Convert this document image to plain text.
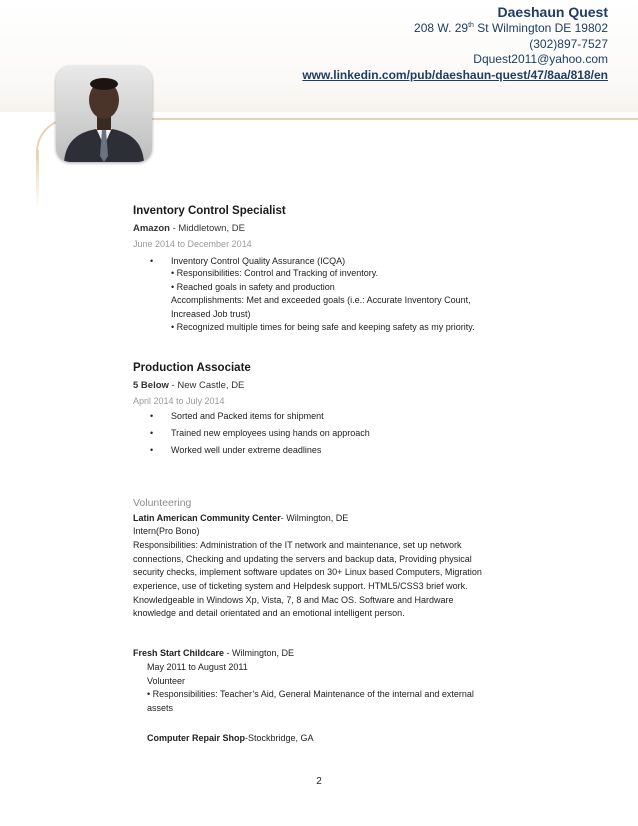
Daeshaun Quest
208 W. 29th St Wilmington DE 19802
(302)897-7527
Dquest2011@yahoo.com
www.linkedin.com/pub/daeshaun-quest/47/8aa/818/en
Inventory Control Specialist
Amazon - Middletown, DE
June 2014 to December 2014
• Inventory Control Quality Assurance (ICQA)
• Responsibilities: Control and Tracking of inventory.
• Reached goals in safety and production
Accomplishments: Met and exceeded goals (i.e.: Accurate Inventory Count,
Increased Job trust)
• Recognized multiple times for being safe and keeping safety as my priority.
Production Associate
5 Below - New Castle, DE
April 2014 to July 2014
• Sorted and Packed items for shipment
• Trained new employees using hands on approach
• Worked well under extreme deadlines
Volunteering
Latin American Community Center- Wilmington, DE
Intern(Pro Bono)
Responsibilities: Administration of the IT network and maintenance, set up network
connections, Checking and updating the servers and backup data, Providing physical
security checks, implement software updates on 30+ Linux based Computers, Migration
experience, use of ticketing system and Helpdesk support. HTML5/CSS3 brief work.
Knowledgeable in Windows Xp, Vista, 7, 8 and Mac OS. Software and Hardware
knowledge and detail orientated and an emotional intelligent person.
Fresh Start Childcare - Wilmington, DE
May 2011 to August 2011
Volunteer
• Responsibilities: Teacher’s Aid, General Maintenance of the internal and external
assets
Computer Repair Shop-Stockbridge, GA
2
